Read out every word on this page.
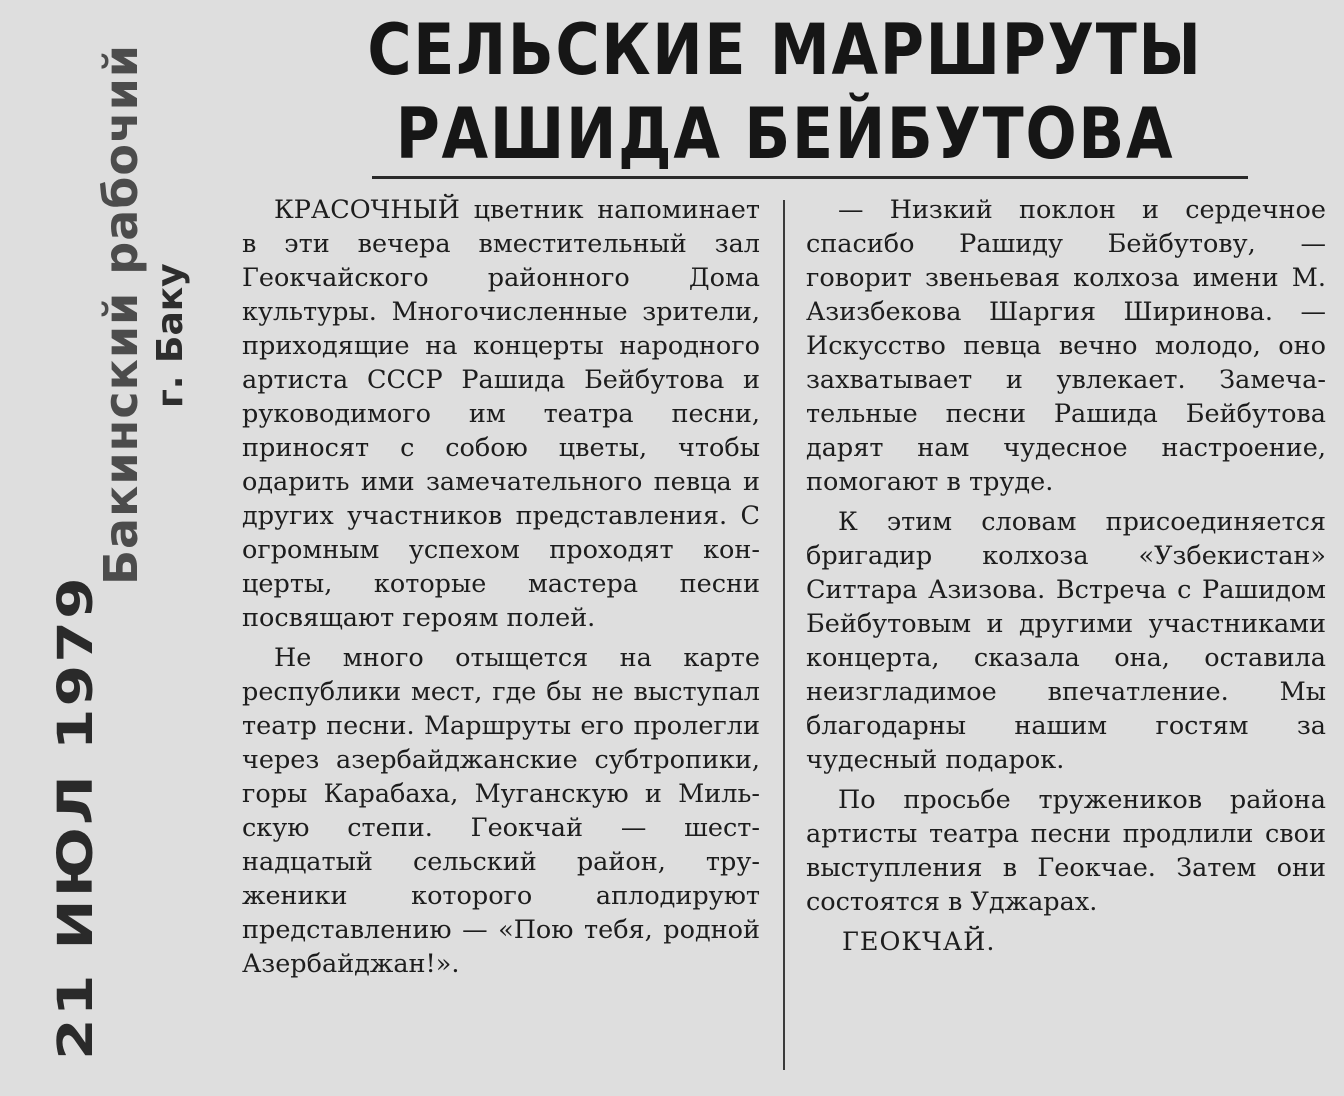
Бакинский рабочий г. Баку
21 ИЮЛ 1979
СЕЛЬСКИЕ МАРШРУТЫ
РАШИДА БЕЙБУТОВА

КРАСОЧНЫЙ цветник напоминает в эти вечера вместительный зал Геокчайского районного Дома культуры. Многочисленные зрители, приходящие на концерты народного артиста СССР Рашида Бейбутова и руководимого им театра песни, приносят с собою цветы, чтобы одарить ими замечательного певца и других участников представления. С огромным успехом проходят концерты, которые мастера песни посвящают героям полей.

Не много отыщется на карте республики мест, где бы не выступал театр песни. Маршруты его пролегли через азербайджанские субтропики, горы Карабаха, Муганскую и Мильскую степи. Геокчай — шестнадцатый сельский район, труженики которого аплодируют представлению — «Пою тебя, родной Азербайджан!».

— Низкий поклон и сердечное спасибо Рашиду Бейбутову, — говорит звеньевая колхоза имени М. Азизбекова Шаргия Ширинова. — Искусство певца вечно молодо, оно захватывает и увлекает. Замечательные песни Рашида Бейбутова дарят нам чудесное настроение, помогают в труде.

К этим словам присоединяется бригадир колхоза «Узбекистан» Ситтара Азизова. Встреча с Рашидом Бейбутовым и другими участниками концерта, сказала она, оставила неизгладимое впечатление. Мы благодарны нашим гостям за чудесный подарок.

По просьбе тружеников района артисты театра песни продлили свои выступления в Геокчае. Затем они состоятся в Уджарах.

ГЕОКЧАЙ.
